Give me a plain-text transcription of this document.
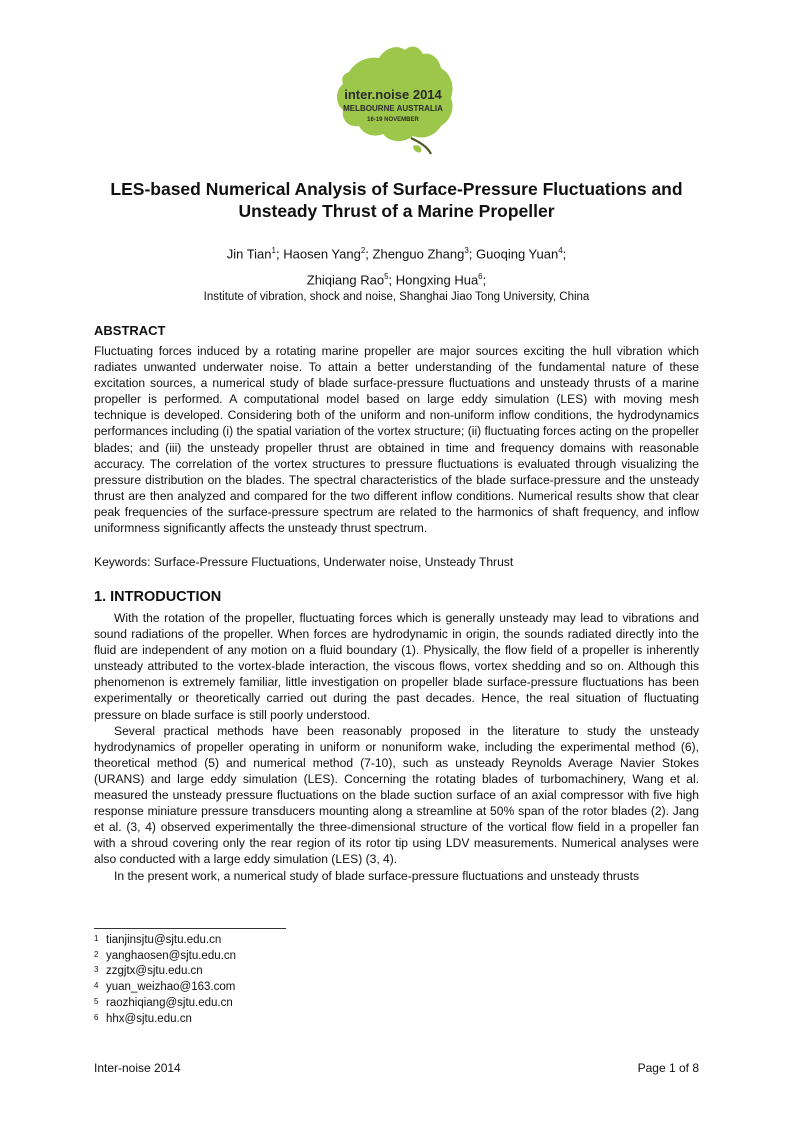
inter.noise 2014
MELBOURNE AUSTRALIA
16-19 NOVEMBER
LES-based Numerical Analysis of Surface-Pressure Fluctuations and Unsteady Thrust of a Marine Propeller
Jin Tian$^1$; Haosen Yang$^2$; Zhenguo Zhang$^3$; Guoqing Yuan$^4$;
Zhiqiang Rao$^5$; Hongxing Hua$^6$;
Institute of vibration, shock and noise, Shanghai Jiao Tong University, China
ABSTRACT

Fluctuating forces induced by a rotating marine propeller are major sources exciting the hull vibration which radiates unwanted underwater noise. To attain a better understanding of the fundamental nature of these excitation sources, a numerical study of blade surface-pressure fluctuations and unsteady thrusts of a marine propeller is performed. A computational model based on large eddy simulation (LES) with moving mesh technique is developed. Considering both of the uniform and non-uniform inflow conditions, the hydrodynamics performances including (i) the spatial variation of the vortex structure; (ii) fluctuating forces acting on the propeller blades; and (iii) the unsteady propeller thrust are obtained in time and frequency domains with reasonable accuracy. The correlation of the vortex structures to pressure fluctuations is evaluated through visualizing the pressure distribution on the blades. The spectral characteristics of the blade surface-pressure and the unsteady thrust are then analyzed and compared for the two different inflow conditions. Numerical results show that clear peak frequencies of the surface-pressure spectrum are related to the harmonics of shaft frequency, and inflow uniformness significantly affects the unsteady thrust spectrum.

Keywords: Surface-Pressure Fluctuations, Underwater noise, Unsteady Thrust

1. INTRODUCTION

With the rotation of the propeller, fluctuating forces which is generally unsteady may lead to vibrations and sound radiations of the propeller. When forces are hydrodynamic in origin, the sounds radiated directly into the fluid are independent of any motion on a fluid boundary (1). Physically, the flow field of a propeller is inherently unsteady attributed to the vortex-blade interaction, the viscous flows, vortex shedding and so on. Although this phenomenon is extremely familiar, little investigation on propeller blade surface-pressure fluctuations has been experimentally or theoretically carried out during the past decades. Hence, the real situation of fluctuating pressure on blade surface is still poorly understood.

Several practical methods have been reasonably proposed in the literature to study the unsteady hydrodynamics of propeller operating in uniform or nonuniform wake, including the experimental method (6), theoretical method (5) and numerical method (7-10), such as unsteady Reynolds Average Navier Stokes (URANS) and large eddy simulation (LES). Concerning the rotating blades of turbomachinery, Wang et al. measured the unsteady pressure fluctuations on the blade suction surface of an axial compressor with five high response miniature pressure transducers mounting along a streamline at 50% span of the rotor blades (2). Jang et al. (3, 4) observed experimentally the three-dimensional structure of the vortical flow field in a propeller fan with a shroud covering only the rear region of its rotor tip using LDV measurements. Numerical analyses were also conducted with a large eddy simulation (LES) (3, 4).

In the present work, a numerical study of blade surface-pressure fluctuations and unsteady thrusts

1 tianjinsjtu@sjtu.edu.cn
2 yanghaosen@sjtu.edu.cn
3 zzgjtx@sjtu.edu.cn
4 yuan_weizhao@163.com
5 raozhiqiang@sjtu.edu.cn
6 hhx@sjtu.edu.cn
Inter-noise 2014	Page 1 of 8
